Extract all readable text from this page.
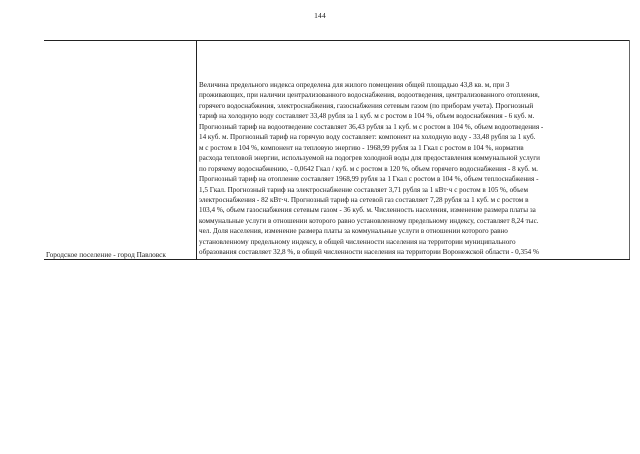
144
Городское поселение - город Павловск
Величина предельного индекса определена для жилого помещения общей площадью 43,8 кв. м, при 3
проживающих, при наличии централизованного водоснабжения, водоотведения, централизованного отопления,
горячего водоснабжения, электроснабжения, газоснабжения сетевым газом (по приборам учета). Прогнозный
тариф на холодную воду составляет 33,48 рубля за 1 куб. м с ростом в 104 %, объем водоснабжения - 6 куб. м.
Прогнозный тариф на водоотведение составляет 36,43 рубля за 1 куб. м с ростом в 104 %, объем водоотведения -
14 куб. м. Прогнозный тариф на горячую воду составляет: компонент на холодную воду - 33,48 рубля за 1 куб.
м с ростом в 104 %, компонент на тепловую энергию - 1968,99 рубля за 1 Гкал с ростом в 104 %, норматив
расхода тепловой энергии, используемой на подогрев холодной воды для предоставления коммунальной услуги
по горячему водоснабжению, - 0,0642 Гкал / куб. м с ростом в 120 %, объем горячего водоснабжения - 8 куб. м.
Прогнозный тариф на отопление составляет 1968,99 рубля за 1 Гкал с ростом в 104 %, объем теплоснабжения -
1,5 Гкал. Прогнозный тариф на электроснабжение составляет 3,71 рубля за 1 кВт·ч с ростом в 105 %, объем
электроснабжения - 82 кВт·ч. Прогнозный тариф на сетевой газ составляет 7,28 рубля за 1 куб. м с ростом в
103,4 %, объем газоснабжения сетевым газом - 36 куб. м. Численность населения, изменение размера платы за
коммунальные услуги в отношении которого равно установленному предельному индексу, составляет 8,24 тыс.
чел. Доля населения, изменение размера платы за коммунальные услуги в отношении которого равно
установленному предельному индексу, в общей численности населения на территории муниципального
образования составляет 32,8 %, в общей численности населения на территории Воронежской области - 0,354 %
